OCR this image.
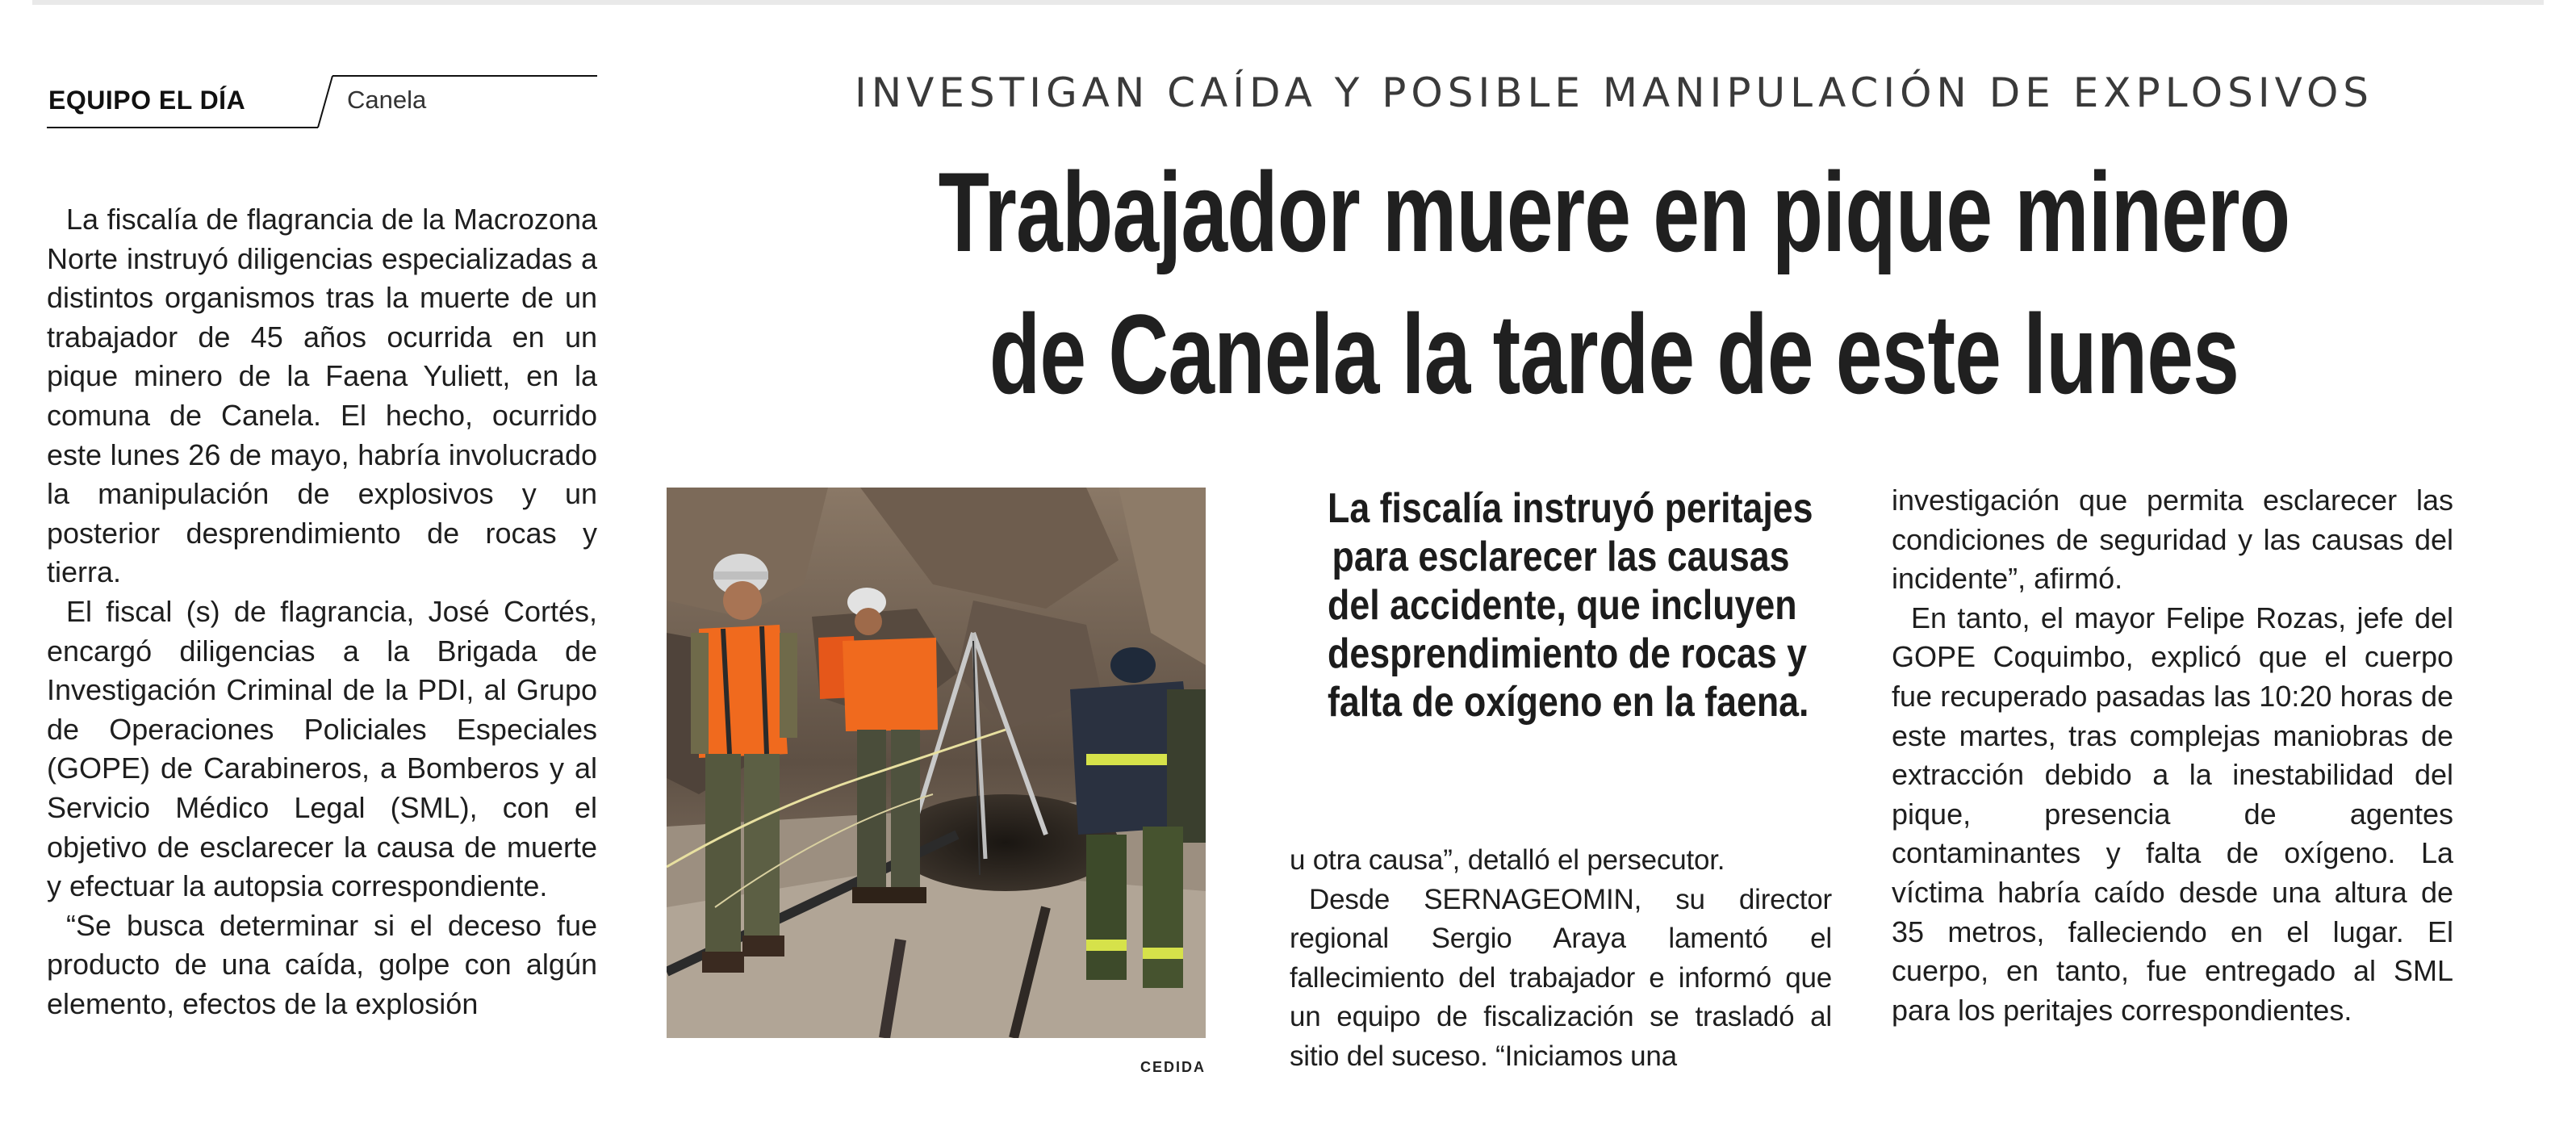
EQUIPO EL DÍA	Canela	INVESTIGAN CAÍDA Y POSIBLE MANIPULACIÓN DE EXPLOSIVOS
Trabajador muere en pique minero
de Canela la tarde de este lunes

La fiscalía de flagrancia de la Macrozona Norte instruyó diligencias especializadas a distintos organismos tras la muerte de un trabajador de 45 años ocurrida en un pique minero de la Faena Yuliett, en la comuna de Canela. El hecho, ocurrido este lunes 26 de mayo, habría involucrado la manipulación de explosivos y un posterior desprendimiento de rocas y tierra.

El fiscal (s) de flagrancia, José Cortés, encargó diligencias a la Brigada de Investigación Criminal de la PDI, al Grupo de Operaciones Policiales Especiales (GOPE) de Carabineros, a Bomberos y al Servicio Médico Legal (SML), con el objetivo de esclarecer la causa de muerte y efectuar la autopsia correspondiente.

“Se busca determinar si el deceso fue producto de una caída, golpe con algún elemento, efectos de la explosión

CEDIDA
La fiscalía instruyó peritajes
para esclarecer las causas
del accidente, que incluyen
desprendimiento de rocas y
falta de oxígeno en la faena.

u otra causa”, detalló el persecutor.

Desde SERNAGEOMIN, su director regional Sergio Araya lamentó el fallecimiento del trabajador e informó que un equipo de fiscalización se trasladó al sitio del suceso. “Iniciamos una

investigación que permita esclarecer las condiciones de seguridad y las causas del incidente”, afirmó.

En tanto, el mayor Felipe Rozas, jefe del GOPE Coquimbo, explicó que el cuerpo fue recuperado pasadas las 10:20 horas de este martes, tras complejas maniobras de extracción debido a la inestabilidad del pique, presencia de agentes contaminantes y falta de oxígeno. La víctima habría caído desde una altura de 35 metros, falleciendo en el lugar. El cuerpo, en tanto, fue entregado al SML para los peritajes correspondientes.
